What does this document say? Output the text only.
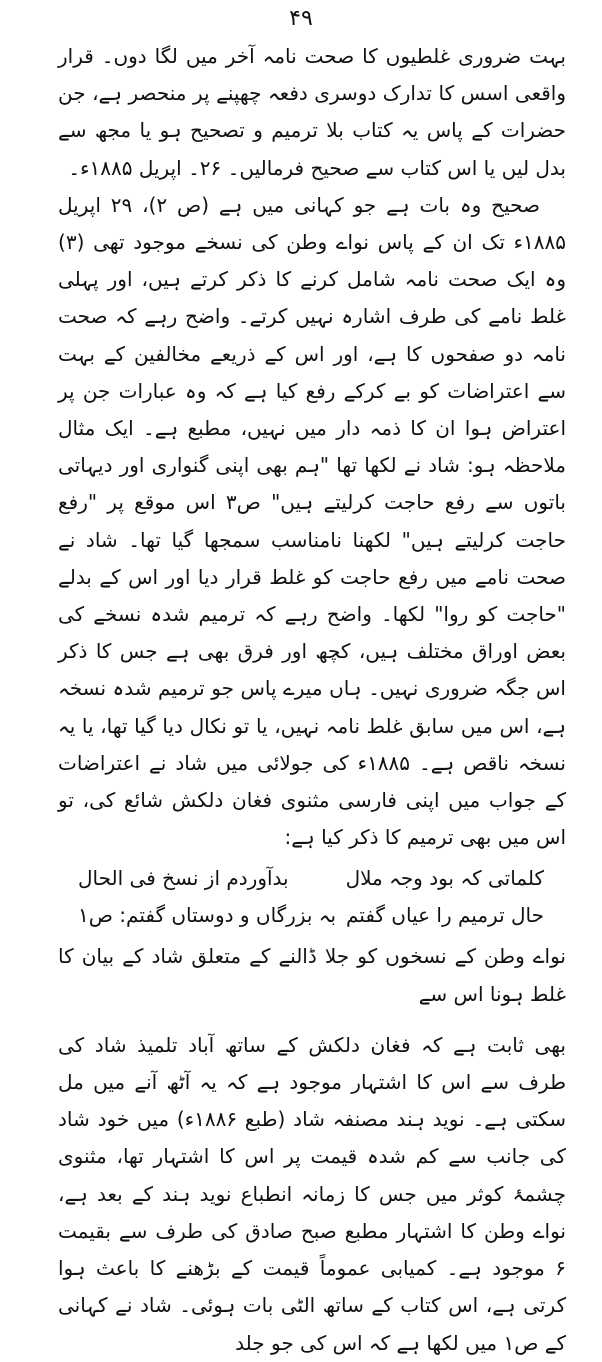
۴۹

بہت ضروری غلطیوں کا صحت نامہ آخر میں لگا دوں۔ قرار واقعی اسس کا تدارک دوسری دفعہ چھپنے پر منحصر ہے، جن حضرات کے پاس یہ کتاب بلا ترمیم و تصحیح ہو یا مجھ سے بدل لیں یا اس کتاب سے صحیح فرمالیں۔ ۲۶۔ اپریل ۱۸۸۵ء۔

صحیح وہ بات ہے جو کہانی میں ہے (ص ۲)، ۲۹ اپریل ۱۸۸۵ء تک ان کے پاس نواے وطن کی نسخے موجود تھی (۳) وہ ایک صحت نامہ شامل کرنے کا ذکر کرتے ہیں، اور پہلی غلط نامے کی طرف اشارہ نہیں کرتے۔ واضح رہے کہ صحت نامہ دو صفحوں کا ہے، اور اس کے ذریعے مخالفین کے بہت سے اعتراضات کو بے کرکے رفع کیا ہے کہ وہ عبارات جن پر اعتراض ہوا ان کا ذمہ دار میں نہیں، مطبع ہے۔ ایک مثال ملاحظہ ہو: شاد نے لکھا تھا "ہم بھی اپنی گنواری اور دیہاتی باتوں سے رفع حاجت کرلیتے ہیں" ص۳ اس موقع پر "رفع حاجت کرلیتے ہیں" لکھنا نامناسب سمجھا گیا تھا۔ شاد نے صحت نامے میں رفع حاجت کو غلط قرار دیا اور اس کے بدلے "حاجت کو روا" لکھا۔ واضح رہے کہ ترمیم شدہ نسخے کی بعض اوراق مختلف ہیں، کچھ اور فرق بھی ہے جس کا ذکر اس جگہ ضروری نہیں۔ ہاں میرے پاس جو ترمیم شدہ نسخہ ہے، اس میں سابق غلط نامہ نہیں، یا تو نکال دیا گیا تھا، یا یہ نسخہ ناقص ہے۔ ۱۸۸۵ء کی جولائی میں شاد نے اعتراضات کے جواب میں اپنی فارسی مثنوی فغان دلکش شائع کی، تو اس میں بھی ترمیم کا ذکر کیا ہے:

کلماتی کہ بود وجہ ملال
بدآوردم از نسخ فی الحال
حال ترمیم را عیاں گفتم
بہ بزرگاں و دوستاں گفتم: ص۱

نواے وطن کے نسخوں کو جلا ڈالنے کے متعلق شاد کے بیان کا غلط ہونا اس سے

بھی ثابت ہے کہ فغان دلکش کے ساتھ آباد تلمیذ شاد کی طرف سے اس کا اشتہار موجود ہے کہ یہ آٹھ آنے میں مل سکتی ہے۔ نوید ہند مصنفہ شاد (طبع ۱۸۸۶ء) میں خود شاد کی جانب سے کم شدہ قیمت پر اس کا اشتہار تھا، مثنوی چشمۂ کوثر میں جس کا زمانہ انطباع نوید ہند کے بعد ہے، نواے وطن کا اشتہار مطبع صبح صادق کی طرف سے بقیمت ۶ موجود ہے۔ کمیابی عموماً قیمت کے بڑھنے کا باعث ہوا کرتی ہے، اس کتاب کے ساتھ الٹی بات ہوئی۔ شاد نے کہانی کے ص۱ میں لکھا ہے کہ اس کی جو جلد
